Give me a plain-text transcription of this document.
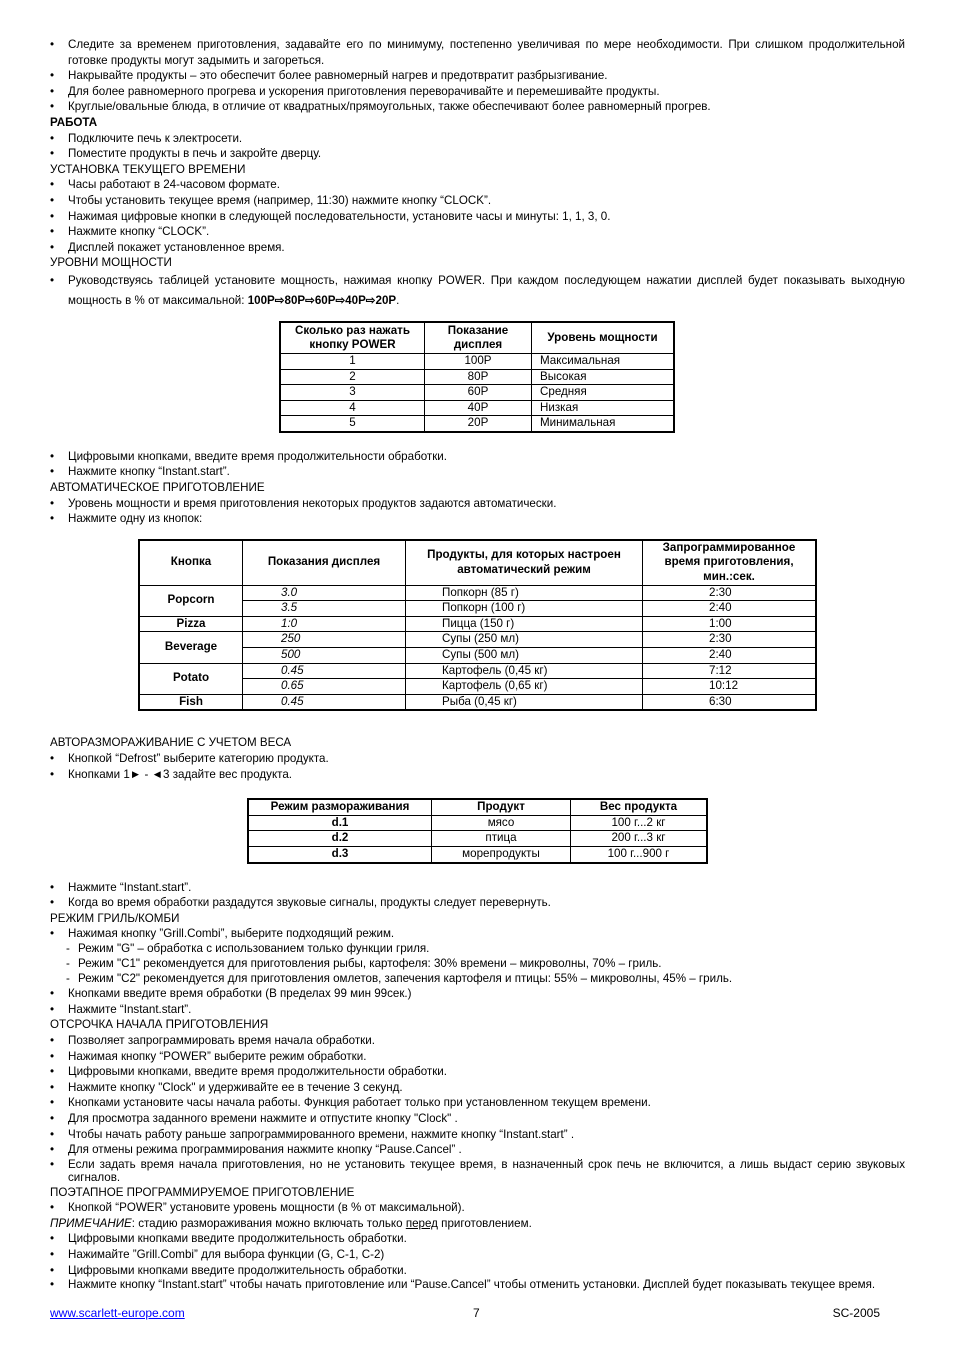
• Следите за временем приготовления, задавайте его по минимуму, постепенно увеличивая по мере необходимости. При слишком продолжительной готовке продукты могут задымить и загореться.
• Накрывайте продукты – это обеспечит более равномерный нагрев и предотвратит разбрызгивание.
• Для более равномерного прогрева и ускорения приготовления переворачивайте и перемешивайте продукты.
• Круглые/овальные блюда, в отличие от квадратных/прямоугольных, также обеспечивают более равномерный прогрев.
РАБОТА
• Подключите печь к электросети.
• Поместите продукты в печь и закройте дверцу.
УСТАНОВКА ТЕКУЩЕГО ВРЕМЕНИ
• Часы работают в 24-часовом формате.
• Чтобы установить текущее время (например, 11:30) нажмите кнопку “CLOCK”.
• Нажимая цифровые кнопки в следующей последовательности, установите часы и минуты: 1, 1, 3, 0.
• Нажмите кнопку “CLOCK”.
• Дисплей покажет установленное время.
УРОВНИ МОЩНОСТИ
• Руководствуясь таблицей установите мощность, нажимая кнопку POWER. При каждом последующем нажатии дисплей будет показывать выходную мощность в % от максимальной: 100P⇨80P⇨60P⇨40P⇨20P.
Сколько раз нажать кнопку POWER	Показание дисплея	Уровень мощности
1	100P	Максимальная
2	80P	Высокая
3	60P	Средняя
4	40P	Низкая
5	20P	Минимальная
• Цифровыми кнопками, введите время продолжительности обработки.
• Нажмите кнопку “Instant.start”.
АВТОМАТИЧЕСКОЕ ПРИГОТОВЛЕНИЕ
• Уровень мощности и время приготовления некоторых продуктов задаются автоматически.
• Нажмите одну из кнопок:
Кнопка	Показания дисплея	Продукты, для которых настроен автоматический режим	Запрограммированное время приготовления, мин.:сек.
Popcorn	3.0	Попкорн (85 г)	2:30
	3.5	Попкорн (100 г)	2:40
Pizza	1:0	Пицца (150 г)	1:00
Beverage	250	Супы (250 мл)	2:30
	500	Супы (500 мл)	2:40
Potato	0.45	Картофель (0,45 кг)	7:12
	0.65	Картофель (0,65 кг)	10:12
Fish	0.45	Рыба (0,45 кг)	6:30
АВТОРАЗМОРАЖИВАНИЕ С УЧЕТОМ ВЕСА
• Кнопкой “Defrost” выберите категорию продукта.
• Кнопками 1► - ◄3 задайте вес продукта.
Режим размораживания	Продукт	Вес продукта
d.1	мясо	100 г...2 кг
d.2	птица	200 г...3 кг
d.3	морепродукты	100 г...900 г
• Нажмите “Instant.start”.
• Когда во время обработки раздадутся звуковые сигналы, продукты следует перевернуть.
РЕЖИМ ГРИЛЬ/КОМБИ
• Нажимая кнопку ”Grill.Combi”, выберите подходящий режим.
- Режим "G" – обработка с использованием только функции гриля.
- Режим "C1" рекомендуется для приготовления рыбы, картофеля: 30% времени – микроволны, 70% – гриль.
- Режим "C2" рекомендуется для приготовления омлетов, запечения картофеля и птицы: 55% – микроволны, 45% – гриль.
• Кнопками введите время обработки (В пределах 99 мин 99сек.)
• Нажмите “Instant.start”.
ОТСРОЧКА НАЧАЛА ПРИГОТОВЛЕНИЯ
• Позволяет запрограммировать время начала обработки.
• Нажимая кнопку “POWER” выберите режим обработки.
• Цифровыми кнопками, введите время продолжительности обработки.
• Нажмите кнопку "Clock" и удерживайте ее в течение 3 секунд.
• Кнопками установите часы начала работы. Функция работает только при установленном текущем времени.
• Для просмотра заданного времени нажмите и отпустите кнопку "Clock" .
• Чтобы начать работу раньше запрограммированного времени, нажмите кнопку “Instant.start” .
• Для отмены режима программирования нажмите кнопку “Pause.Cancel” .
• Если задать время начала приготовления, но не установить текущее время, в назначенный срок печь не включится, а лишь выдаст серию звуковых сигналов.
ПОЭТАПНОЕ ПРОГРАММИРУЕМОЕ ПРИГОТОВЛЕНИЕ
• Кнопкой “POWER” установите уровень мощности (в % от максимальной).
ПРИМЕЧАНИЕ: стадию размораживания можно включать только перед приготовлением.
• Цифровыми кнопками введите продолжительность обработки.
• Нажимайте ”Grill.Combi” для выбора функции (G, C-1, C-2)
• Цифровыми кнопками введите продолжительность обработки.
• Нажмите кнопку “Instant.start” чтобы начать приготовление или “Pause.Cancel” чтобы отменить установки. Дисплей будет показывать текущее время.
www.scarlett-europe.com	7	SC-2005
